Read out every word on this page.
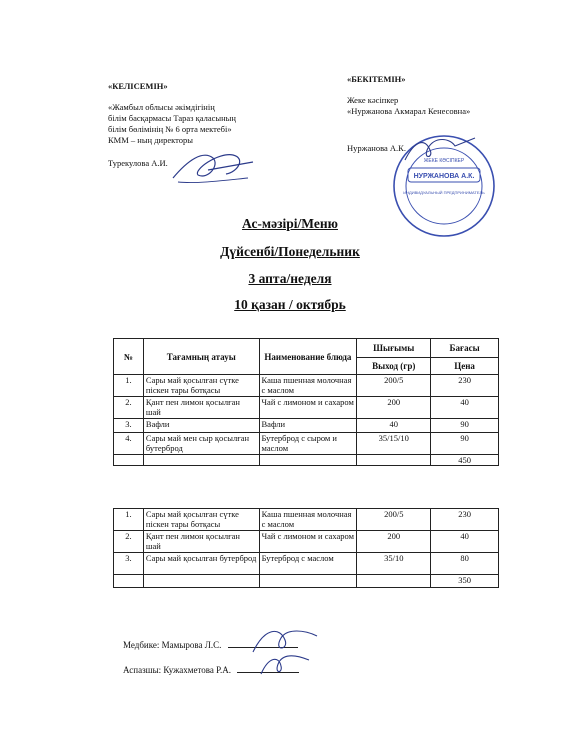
«КЕЛІСЕМІН»
«Жамбыл облысы әкімдігінің
білім басқармасы Тараз қаласының
білім бөлімінің № 6 орта мектебі»
КММ – ның директоры
Турекулова А.И.
«БЕКІТЕМІН»
Жеке кәсіпкер
«Нуржанова Акмарал Кенесовна»
Нуржанова А.К.
НУРЖАНОВА А.К.
ЖЕКЕ КӘСІПКЕР
ИНДИВИДУАЛЬНЫЙ ПРЕДПРИНИМАТЕЛЬ
Ас-мәзірі/Меню
Дүйсенбі/Понедельник
3 апта/неделя
10 қазан / октябрь
№	Тағамның атауы	Наименование блюда	Шығымы	Бағасы
			Выход (гр)	Цена
1.	Сары май қосылған сүтке піскен тары ботқасы	Каша пшенная молочная с маслом	200/5	230
2.	Қант пен лимон қосылған шай	Чай с лимоном и сахаром	200	40
3.	Вафли	Вафли	40	90
4.	Сары май мен сыр қосылған бутерброд	Бутерброд с сыром и маслом	35/15/10	90
				450
1.	Сары май қосылған сүтке піскен тары ботқасы	Каша пшенная молочная с маслом	200/5	230
2.	Қант пен лимон қосылған шай	Чай с лимоном и сахаром	200	40
3.	Сары май қосылған бутерброд	Бутерброд с маслом	35/10	80
				350
Медбике: Мамырова Л.С.
Аспазшы: Кужахметова Р.А.
